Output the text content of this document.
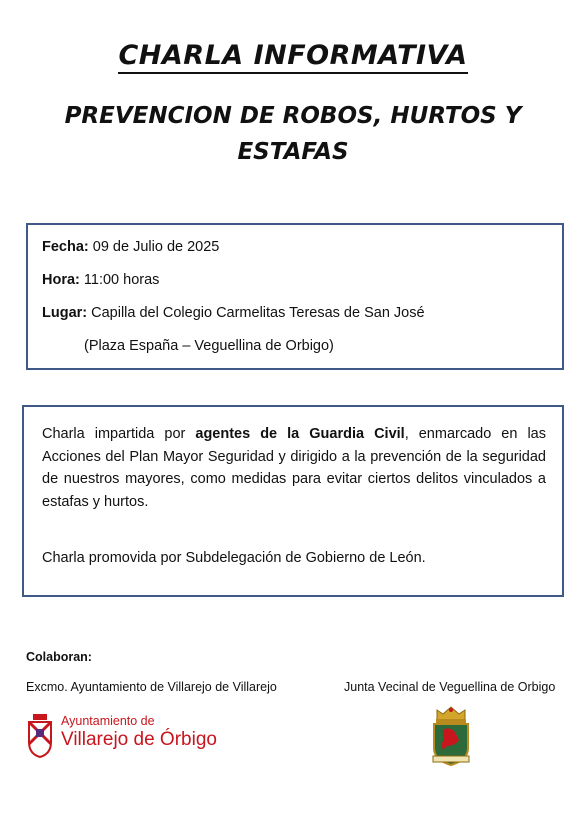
CHARLA INFORMATIVA
PREVENCION DE ROBOS, HURTOS Y
ESTAFAS
Fecha: 09 de Julio de 2025
Hora: 11:00 horas
Lugar: Capilla del Colegio Carmelitas Teresas de San José
(Plaza España – Veguellina de Orbigo)

Charla impartida por agentes de la Guardia Civil, enmarcado en las Acciones del Plan Mayor Seguridad y dirigido a la prevención de la seguridad de nuestros mayores, como medidas para evitar ciertos delitos vinculados a estafas y hurtos.

Charla promovida por Subdelegación de Gobierno de León.

Colaboran:
Excmo. Ayuntamiento de Villarejo de Villarejo	Junta Vecinal de Veguellina de Orbigo
Ayuntamiento de
Villarejo de Órbigo
